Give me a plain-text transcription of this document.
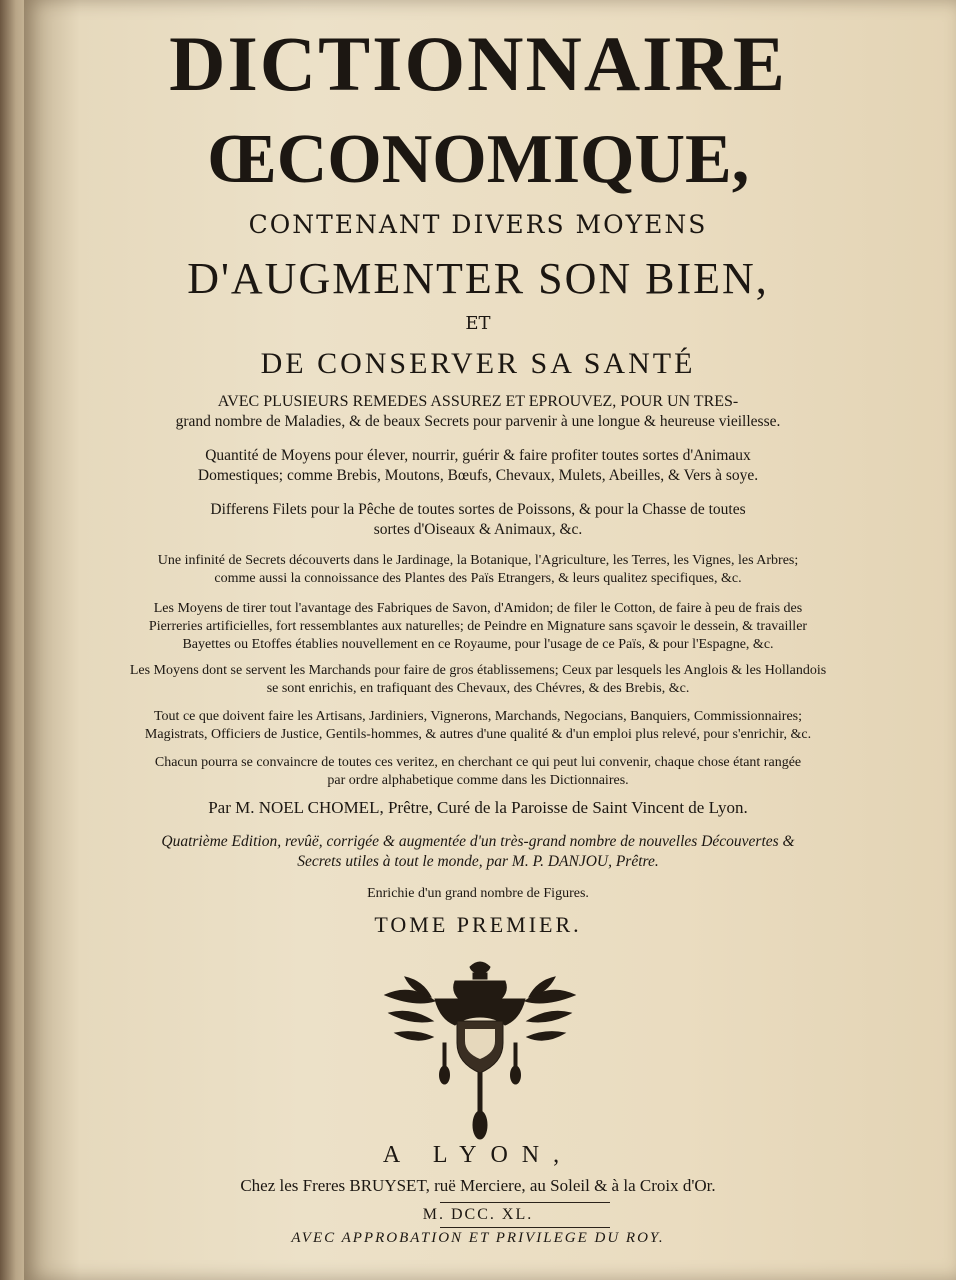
DICTIONNAIRE
ŒCONOMIQUE,

CONTENANT DIVERS MOYENS

D'AUGMENTER SON BIEN,

ET

DE CONSERVER SA SANTÉ

AVEC PLUSIEURS REMEDES ASSUREZ ET EPROUVEZ, POUR UN TRES-

grand nombre de Maladies, & de beaux Secrets pour parvenir à une longue & heureuse vieillesse.

Quantité de Moyens pour élever, nourrir, guérir & faire profiter toutes sortes d'Animaux

Domestiques; comme Brebis, Moutons, Bœufs, Chevaux, Mulets, Abeilles, & Vers à soye.

Differens Filets pour la Pêche de toutes sortes de Poissons, & pour la Chasse de toutes

sortes d'Oiseaux & Animaux, &c.

Une infinité de Secrets découverts dans le Jardinage, la Botanique, l'Agriculture, les Terres, les Vignes, les Arbres;

comme aussi la connoissance des Plantes des Païs Etrangers, & leurs qualitez specifiques, &c.

Les Moyens de tirer tout l'avantage des Fabriques de Savon, d'Amidon; de filer le Cotton, de faire à peu de frais des

Pierreries artificielles, fort ressemblantes aux naturelles; de Peindre en Mignature sans sçavoir le dessein, & travailler

Bayettes ou Etoffes établies nouvellement en ce Royaume, pour l'usage de ce Païs, & pour l'Espagne, &c.

Les Moyens dont se servent les Marchands pour faire de gros établissemens; Ceux par lesquels les Anglois & les Hollandois

se sont enrichis, en trafiquant des Chevaux, des Chévres, & des Brebis, &c.

Tout ce que doivent faire les Artisans, Jardiniers, Vignerons, Marchands, Negocians, Banquiers, Commissionnaires;

Magistrats, Officiers de Justice, Gentils-hommes, & autres d'une qualité & d'un emploi plus relevé, pour s'enrichir, &c.

Chacun pourra se convaincre de toutes ces veritez, en cherchant ce qui peut lui convenir, chaque chose étant rangée

par ordre alphabetique comme dans les Dictionnaires.

Par M. NOEL CHOMEL, Prêtre, Curé de la Paroisse de Saint Vincent de Lyon.

Quatrième Edition, revûë, corrigée & augmentée d'un très-grand nombre de nouvelles Découvertes &

Secrets utiles à tout le monde, par M. P. DANJOU, Prêtre.

Enrichie d'un grand nombre de Figures.

TOME PREMIER.

A LYON,

Chez les Freres BRUYSET, ruë Merciere, au Soleil & à la Croix d'Or.

M. DCC. XL.

AVEC APPROBATION ET PRIVILEGE DU ROY.
